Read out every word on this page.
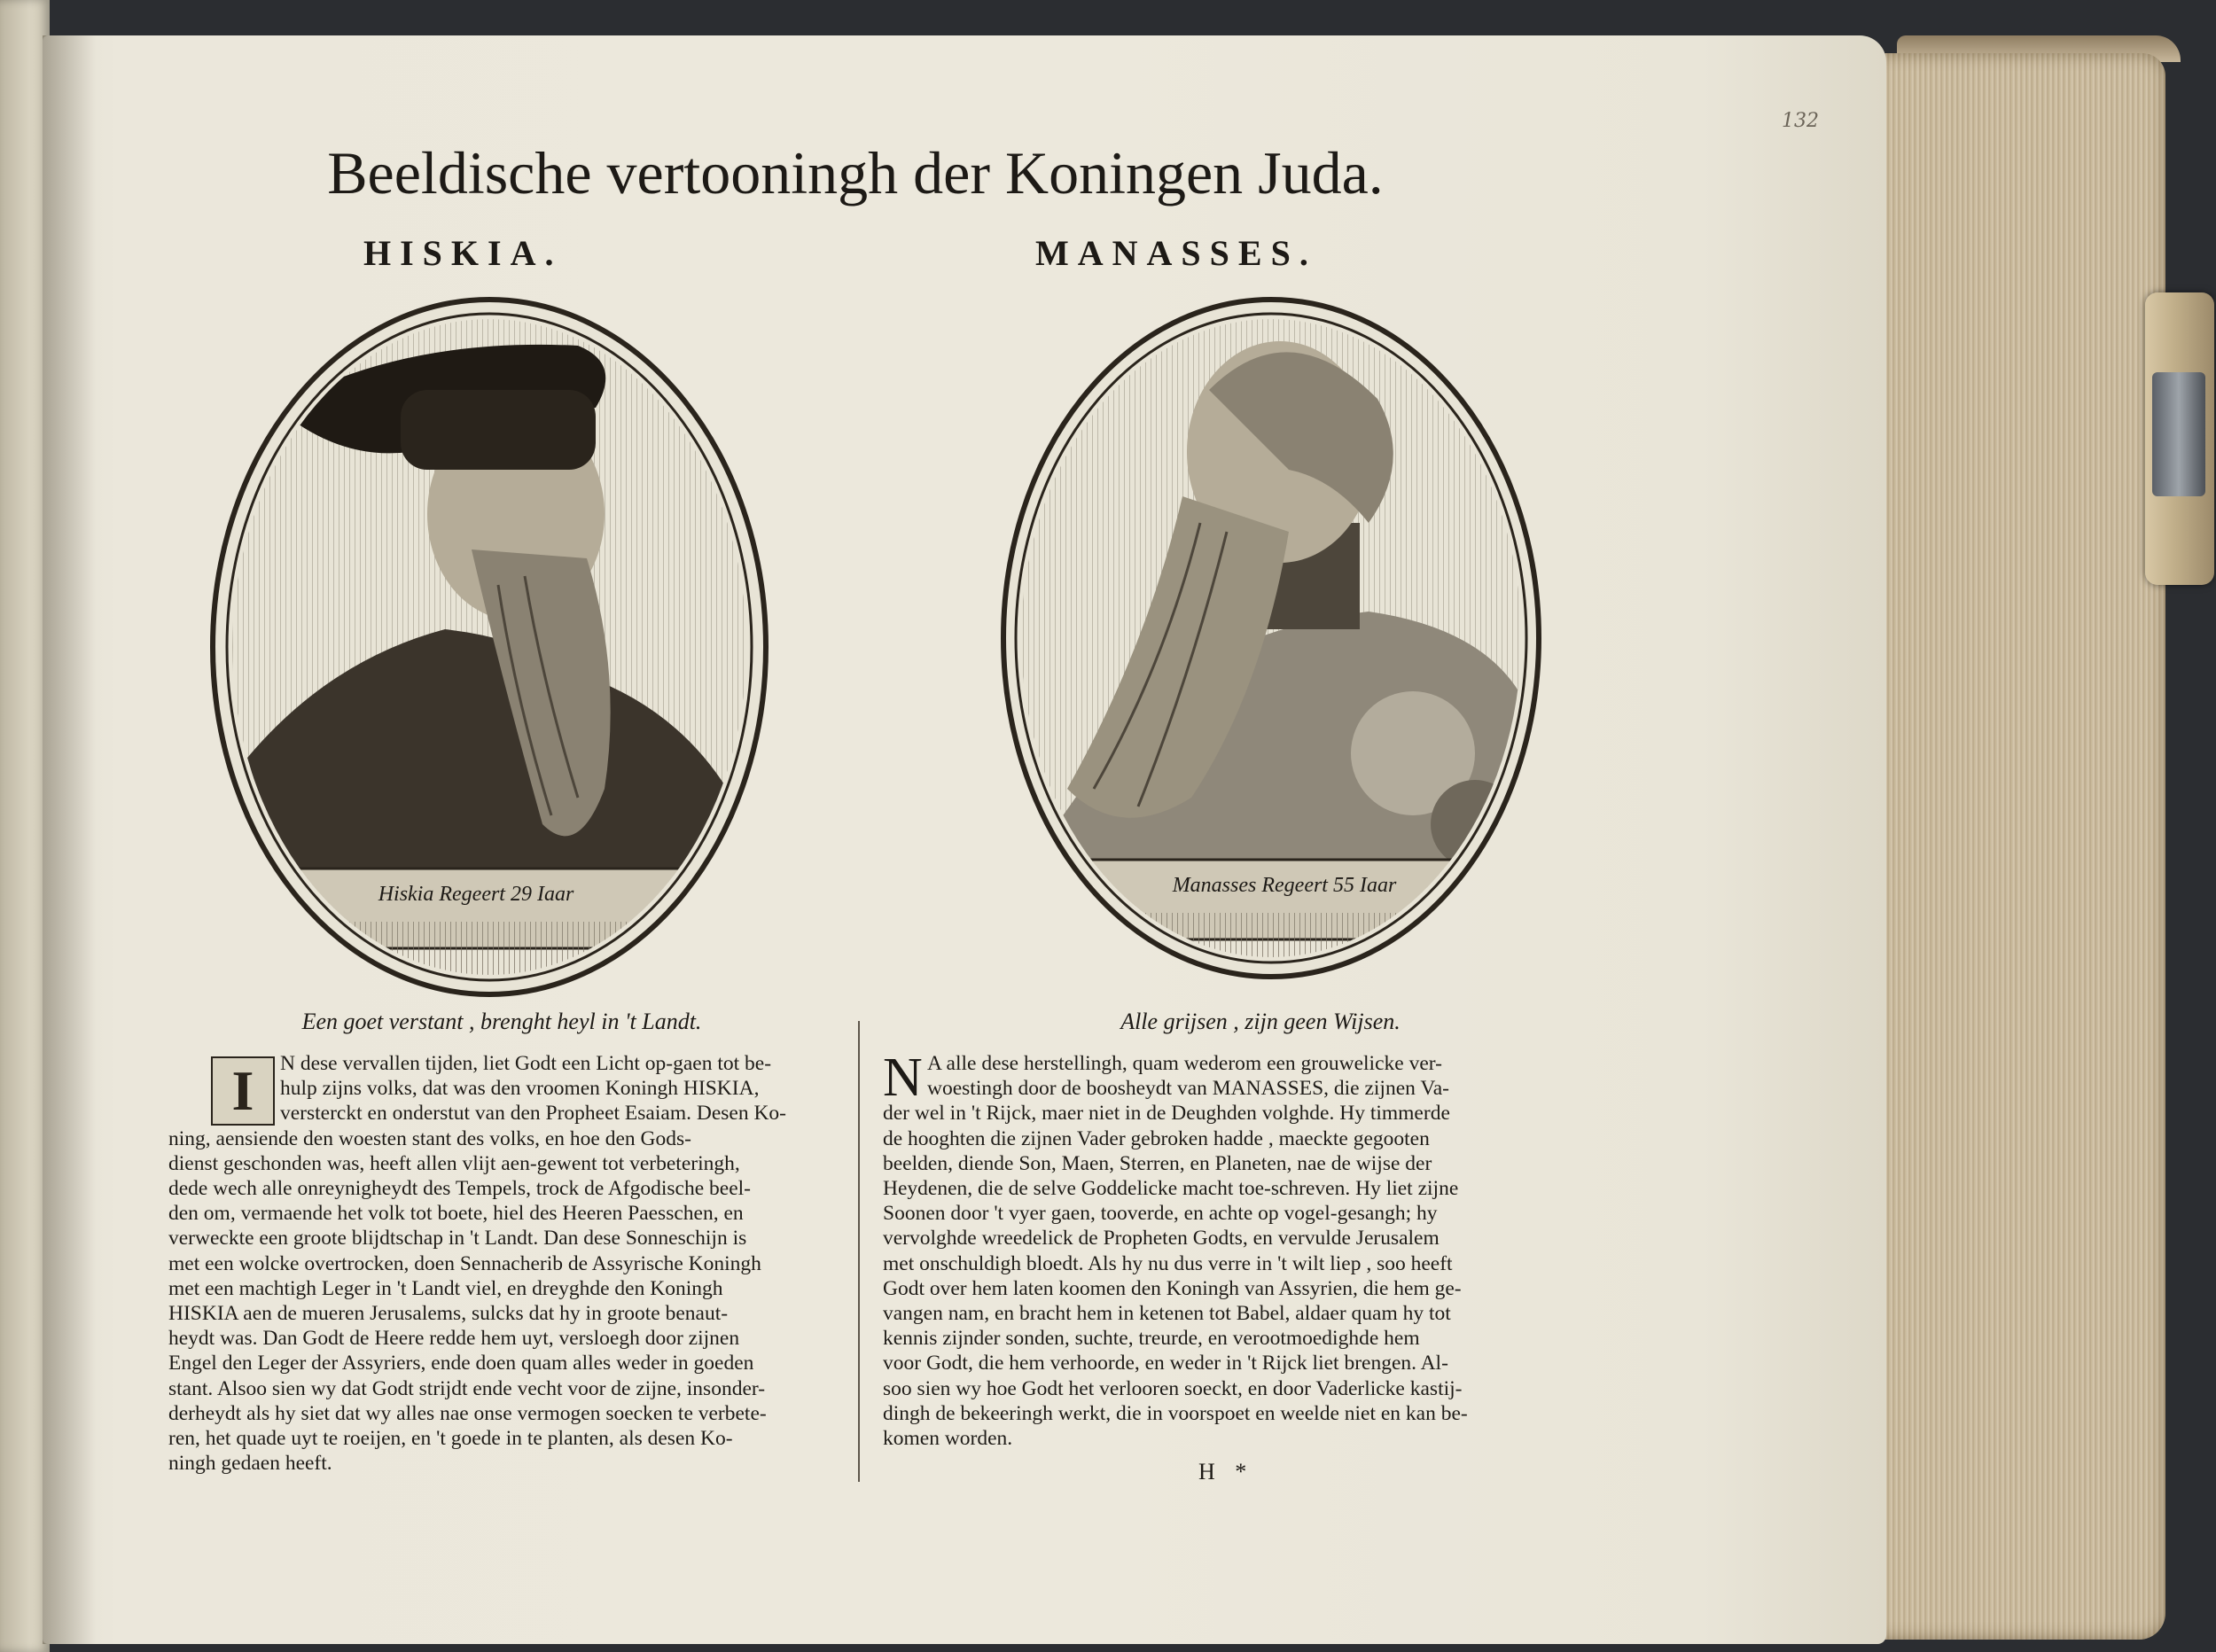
132
Beeldische vertooningh der Koningen Juda.
HISKIA.	MANASSES.
Hiskia Regeert 29 Iaar	Manasses Regeert 55 Iaar
Een goet verstant , brenght heyl in 't Landt.	Alle grijsen , zijn geen Wijsen.
I	N dese vervallen tijden, liet Godt een Licht op-gaen tot be-
hulp zijns volks, dat was den vroomen Koningh HISKIA,
versterckt en onderstut van den Propheet Esaiam. Desen Ko-
ning, aensiende den woesten stant des volks, en hoe den Gods-
dienst geschonden was, heeft allen vlijt aen-gewent tot verbeteringh,
dede wech alle onreynigheydt des Tempels, trock de Afgodische beel-
den om, vermaende het volk tot boete, hiel des Heeren Paesschen, en
verweckte een groote blijdtschap in 't Landt. Dan dese Sonneschijn is
met een wolcke overtrocken, doen Sennacherib de Assyrische Koningh
met een machtigh Leger in 't Landt viel, en dreyghde den Koningh
HISKIA aen de mueren Jerusalems, sulcks dat hy in groote benaut-
heydt was. Dan Godt de Heere redde hem uyt, versloegh door zijnen
Engel den Leger der Assyriers, ende doen quam alles weder in goeden
stant. Alsoo sien wy dat Godt strijdt ende vecht voor de zijne, insonder-
derheydt als hy siet dat wy alles nae onse vermogen soecken te verbete-
ren, het quade uyt te roeijen, en 't goede in te planten, als desen Ko-
ningh gedaen heeft.
N A alle dese herstellingh, quam wederom een grouwelicke ver-
woestingh door de boosheydt van MANASSES, die zijnen Va-
der wel in 't Rijck, maer niet in de Deughden volghde. Hy timmerde
de hooghten die zijnen Vader gebroken hadde , maeckte gegooten
beelden, diende Son, Maen, Sterren, en Planeten, nae de wijse der
Heydenen, die de selve Goddelicke macht toe-schreven. Hy liet zijne
Soonen door 't vyer gaen, tooverde, en achte op vogel-gesangh; hy
vervolghde wreedelick de Propheten Godts, en vervulde Jerusalem
met onschuldigh bloedt. Als hy nu dus verre in 't wilt liep , soo heeft
Godt over hem laten koomen den Koningh van Assyrien, die hem ge-
vangen nam, en bracht hem in ketenen tot Babel, aldaer quam hy tot
kennis zijnder sonden, suchte, treurde, en verootmoedighde hem
voor Godt, die hem verhoorde, en weder in 't Rijck liet brengen. Al-
soo sien wy hoe Godt het verlooren soeckt, en door Vaderlicke kastij-
dingh de bekeeringh werkt, die in voorspoet en weelde niet en kan be-
komen worden.
H *
